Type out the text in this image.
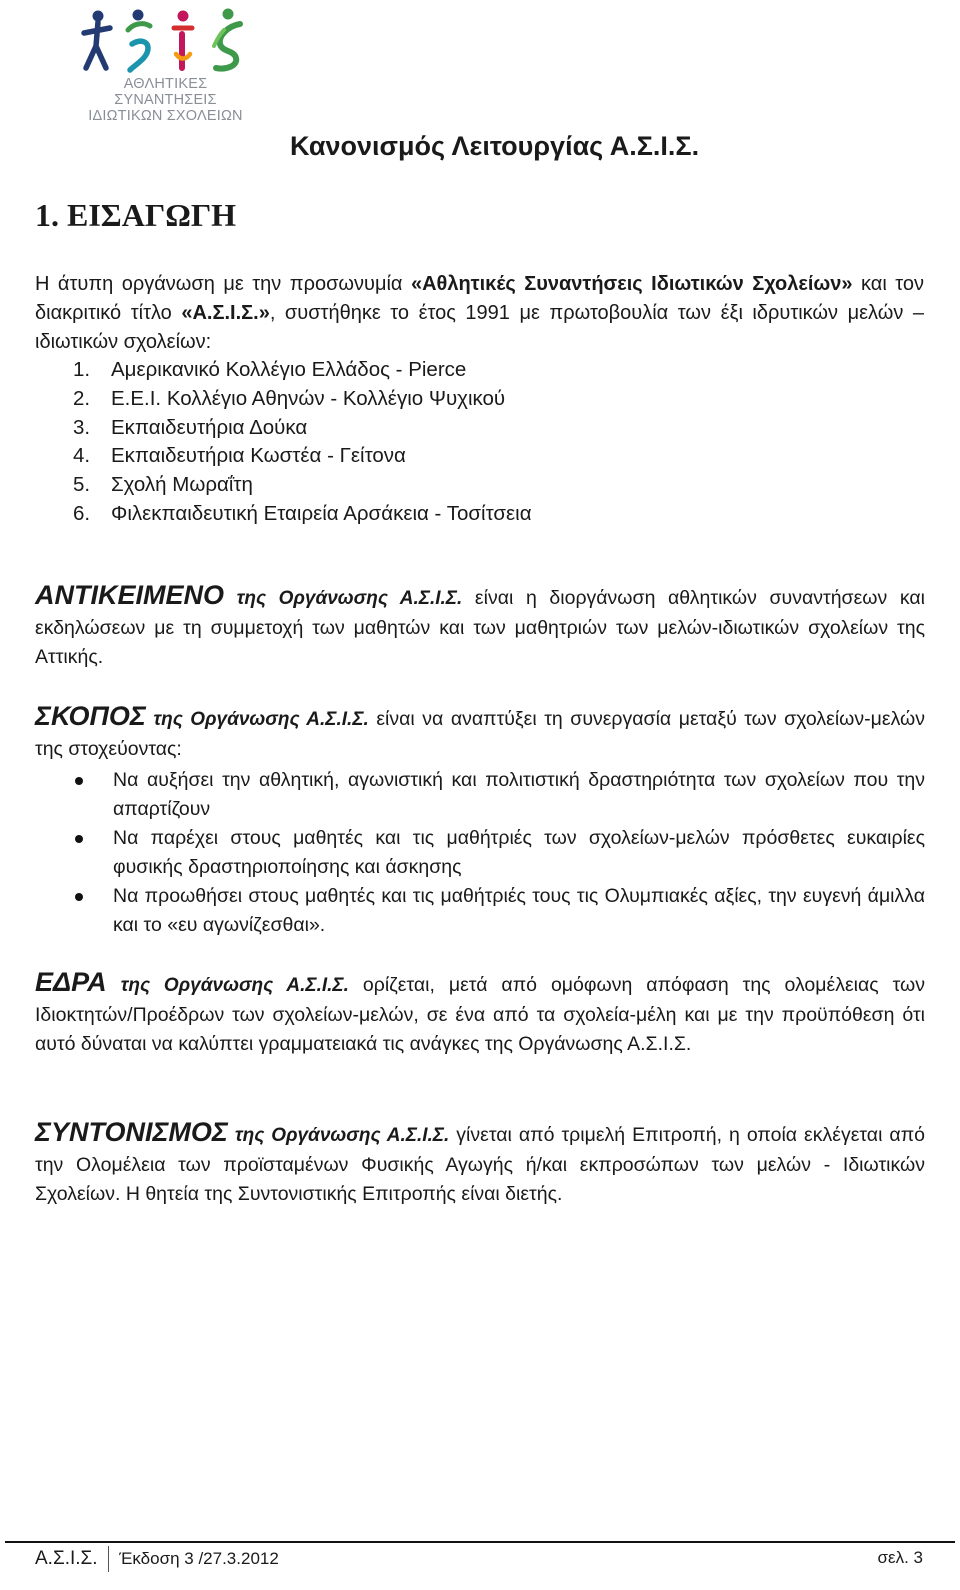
ΑΘΛΗΤΙΚΕΣ ΣΥΝΑΝΤΗΣΕΙΣ
ΙΔΙΩΤΙΚΩΝ ΣΧΟΛΕΙΩΝ
Κανονισμός Λειτουργίας Α.Σ.Ι.Σ.
1. ΕΙΣΑΓΩΓΗ

Η άτυπη οργάνωση με την προσωνυμία «Αθλητικές Συναντήσεις Ιδιωτικών Σχολείων» και τον διακριτικό τίτλο «Α.Σ.Ι.Σ.», συστήθηκε το έτος 1991 με πρωτοβουλία των έξι ιδρυτικών μελών – ιδιωτικών σχολείων:

1. Αμερικανικό Κολλέγιο Ελλάδος - Pierce
2. Ε.Ε.Ι. Κολλέγιο Αθηνών - Κολλέγιο Ψυχικού
3. Εκπαιδευτήρια Δούκα
4. Εκπαιδευτήρια Κωστέα - Γείτονα
5. Σχολή Μωραΐτη
6. Φιλεκπαιδευτική Εταιρεία Αρσάκεια - Τοσίτσεια

ΑΝΤΙΚΕΙΜΕΝΟ της Οργάνωσης Α.Σ.Ι.Σ. είναι η διοργάνωση αθλητικών συναντήσεων και εκδηλώσεων με τη συμμετοχή των μαθητών και των μαθητριών των μελών-ιδιωτικών σχολείων της Αττικής.

ΣΚΟΠΟΣ της Οργάνωσης Α.Σ.Ι.Σ. είναι να αναπτύξει τη συνεργασία μεταξύ των σχολείων-μελών της στοχεύοντας:

Να αυξήσει την αθλητική, αγωνιστική και πολιτιστική δραστηριότητα των σχολείων που την απαρτίζουν
Να παρέχει στους μαθητές και τις μαθήτριές των σχολείων-μελών πρόσθετες ευκαιρίες φυσικής δραστηριοποίησης και άσκησης
Να προωθήσει στους μαθητές και τις μαθήτριές τους τις Ολυμπιακές αξίες, την ευγενή άμιλλα και το «ευ αγωνίζεσθαι».

ΕΔΡΑ της Οργάνωσης Α.Σ.Ι.Σ. ορίζεται, μετά από ομόφωνη απόφαση της ολομέλειας των Ιδιοκτητών/Προέδρων των σχολείων-μελών, σε ένα από τα σχολεία-μέλη και με την προϋπόθεση ότι αυτό δύναται να καλύπτει γραμματειακά τις ανάγκες της Οργάνωσης Α.Σ.Ι.Σ.

ΣΥΝΤΟΝΙΣΜΟΣ της Οργάνωσης Α.Σ.Ι.Σ. γίνεται από τριμελή Επιτροπή, η οποία εκλέγεται από την Ολομέλεια των προϊσταμένων Φυσικής Αγωγής ή/και εκπροσώπων των μελών - Ιδιωτικών Σχολείων. Η θητεία της Συντονιστικής Επιτροπής είναι διετής.

Α.Σ.Ι.Σ. Έκδοση 3 /27.3.2012	σελ. 3
